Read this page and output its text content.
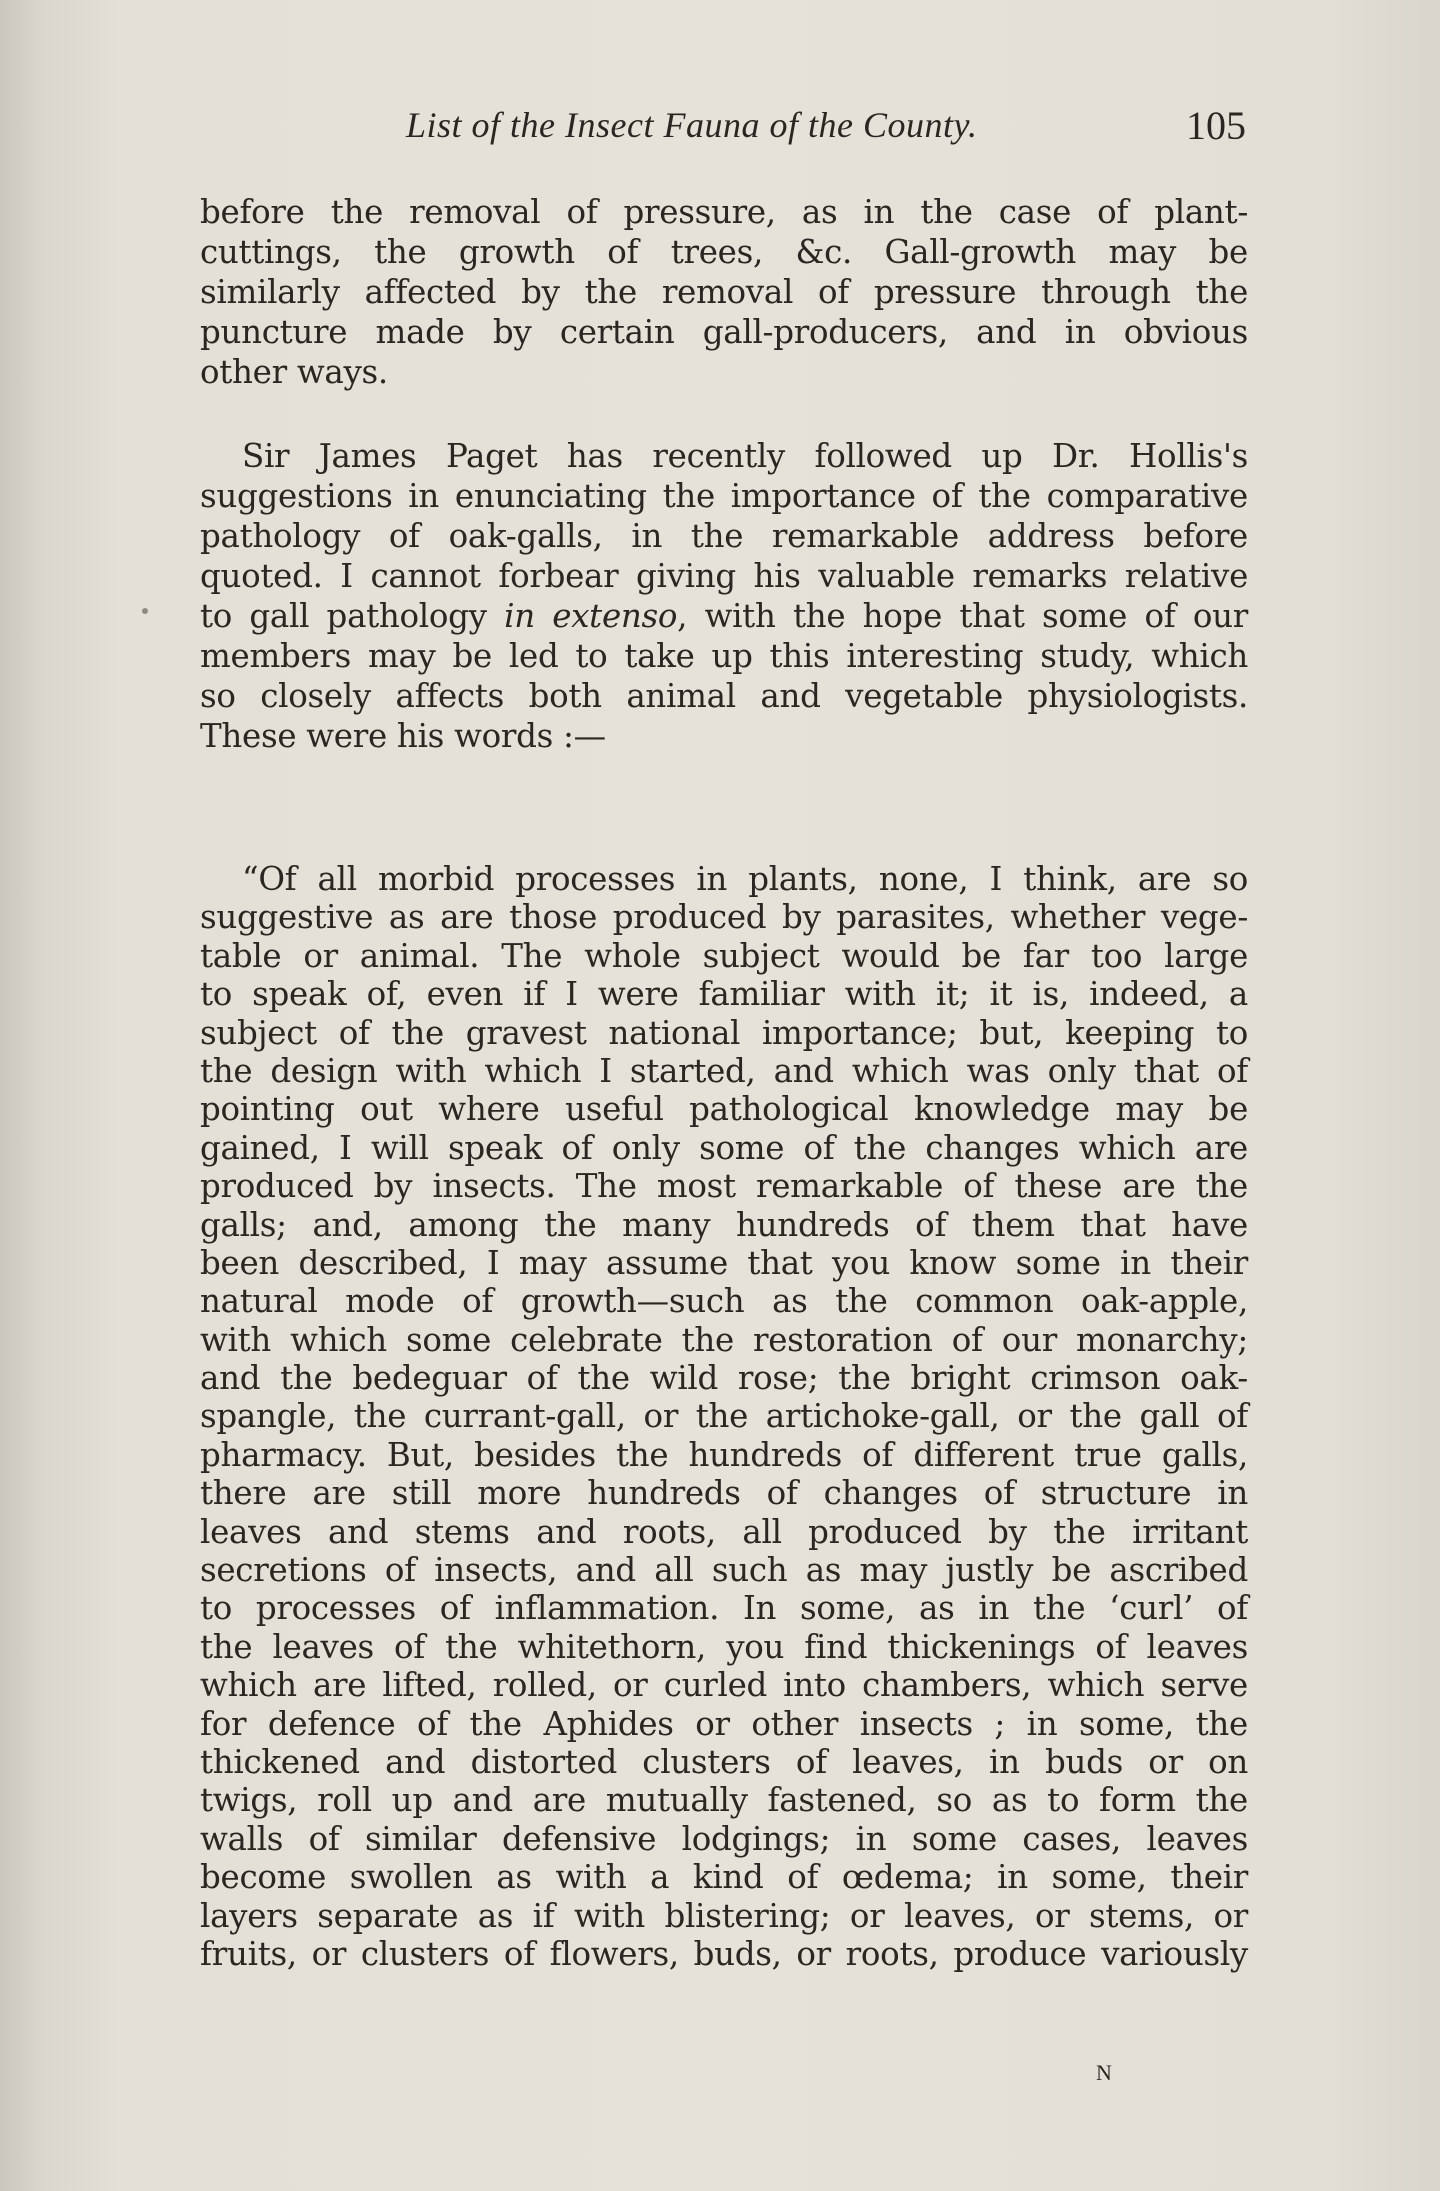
List of the Insect Fauna of the County.	105
before the removal of pressure, as in the case of plant-
cuttings, the growth of trees, &c. Gall-growth may be
similarly affected by the removal of pressure through the
puncture made by certain gall-producers, and in obvious
other ways.
Sir James Paget has recently followed up Dr. Hollis's
suggestions in enunciating the importance of the comparative
pathology of oak-galls, in the remarkable address before
quoted. I cannot forbear giving his valuable remarks relative
to gall pathology in extenso, with the hope that some of our
members may be led to take up this interesting study, which
so closely affects both animal and vegetable physiologists.
These were his words :—
“Of all morbid processes in plants, none, I think, are so
suggestive as are those produced by parasites, whether vege-
table or animal. The whole subject would be far too large
to speak of, even if I were familiar with it; it is, indeed, a
subject of the gravest national importance; but, keeping to
the design with which I started, and which was only that of
pointing out where useful pathological knowledge may be
gained, I will speak of only some of the changes which are
produced by insects. The most remarkable of these are the
galls; and, among the many hundreds of them that have
been described, I may assume that you know some in their
natural mode of growth—such as the common oak-apple,
with which some celebrate the restoration of our monarchy;
and the bedeguar of the wild rose; the bright crimson oak-
spangle, the currant-gall, or the artichoke-gall, or the gall of
pharmacy. But, besides the hundreds of different true galls,
there are still more hundreds of changes of structure in
leaves and stems and roots, all produced by the irritant
secretions of insects, and all such as may justly be ascribed
to processes of inflammation. In some, as in the ‘curl’ of
the leaves of the whitethorn, you find thickenings of leaves
which are lifted, rolled, or curled into chambers, which serve
for defence of the Aphides or other insects ; in some, the
thickened and distorted clusters of leaves, in buds or on
twigs, roll up and are mutually fastened, so as to form the
walls of similar defensive lodgings; in some cases, leaves
become swollen as with a kind of œdema; in some, their
layers separate as if with blistering; or leaves, or stems, or
fruits, or clusters of flowers, buds, or roots, produce variously
N
